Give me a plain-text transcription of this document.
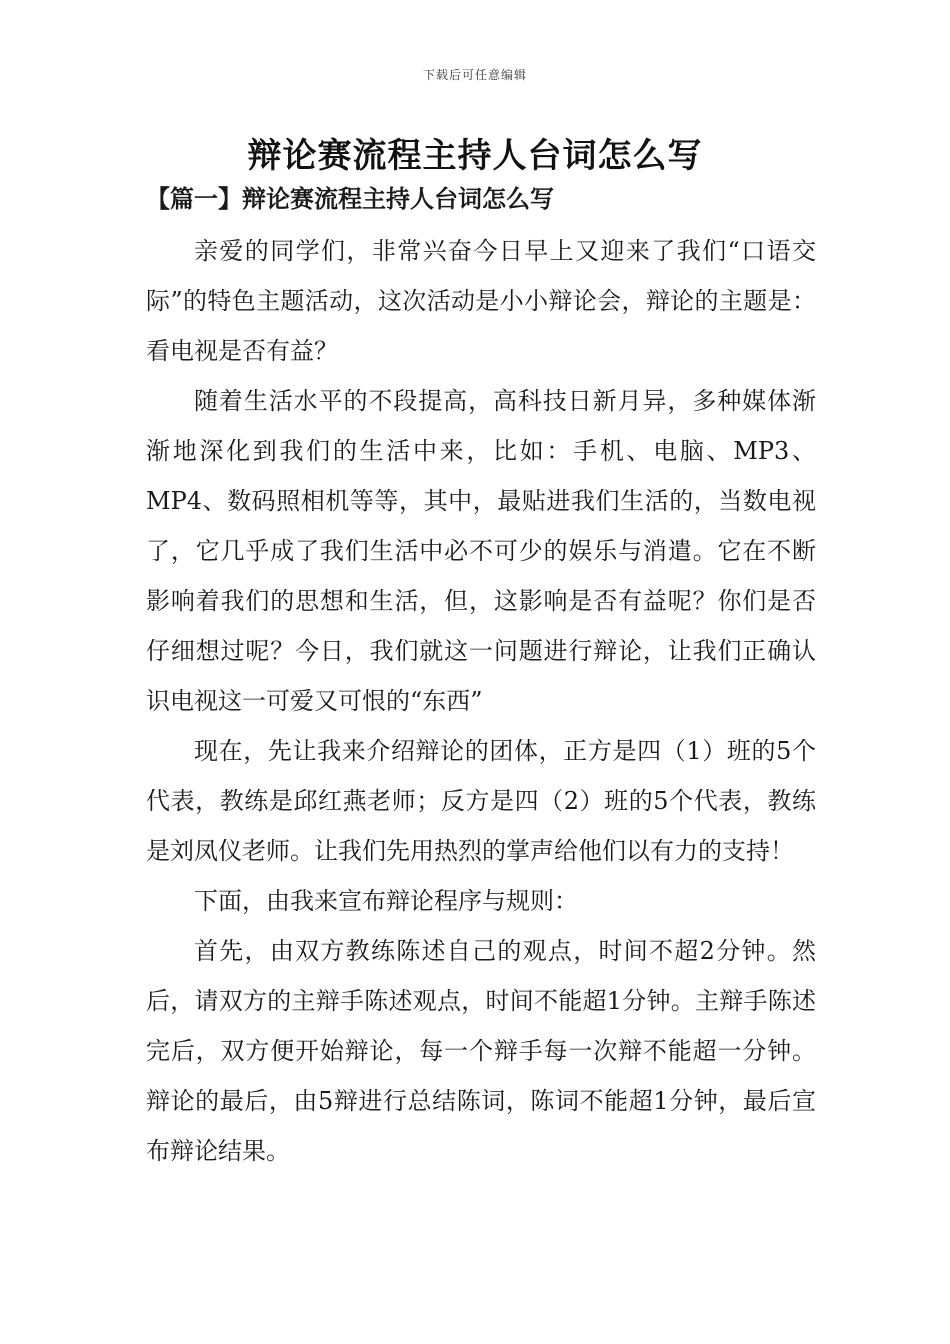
下载后可任意编辑
辩论赛流程主持人台词怎么写
【篇一】辩论赛流程主持人台词怎么写

亲爱的同学们，非常兴奋今日早上又迎来了我们“口语交际”的特色主题活动，这次活动是小小辩论会，辩论的主题是：看电视是否有益？

随着生活水平的不段提高，高科技日新月异，多种媒体渐渐地深化到我们的生活中来，比如：手机、电脑、MP3、MP4、数码照相机等等，其中，最贴进我们生活的，当数电视了，它几乎成了我们生活中必不可少的娱乐与消遣。它在不断影响着我们的思想和生活，但，这影响是否有益呢？你们是否仔细想过呢？今日，我们就这一问题进行辩论，让我们正确认识电视这一可爱又可恨的“东西”

现在，先让我来介绍辩论的团体，正方是四（1）班的5个代表，教练是邱红燕老师；反方是四（2）班的5个代表，教练是刘凤仪老师。让我们先用热烈的掌声给他们以有力的支持！

下面，由我来宣布辩论程序与规则：

首先，由双方教练陈述自己的观点，时间不超2分钟。然后，请双方的主辩手陈述观点，时间不能超1分钟。主辩手陈述完后，双方便开始辩论，每一个辩手每一次辩不能超一分钟。辩论的最后，由5辩进行总结陈词，陈词不能超1分钟，最后宣布辩论结果。
